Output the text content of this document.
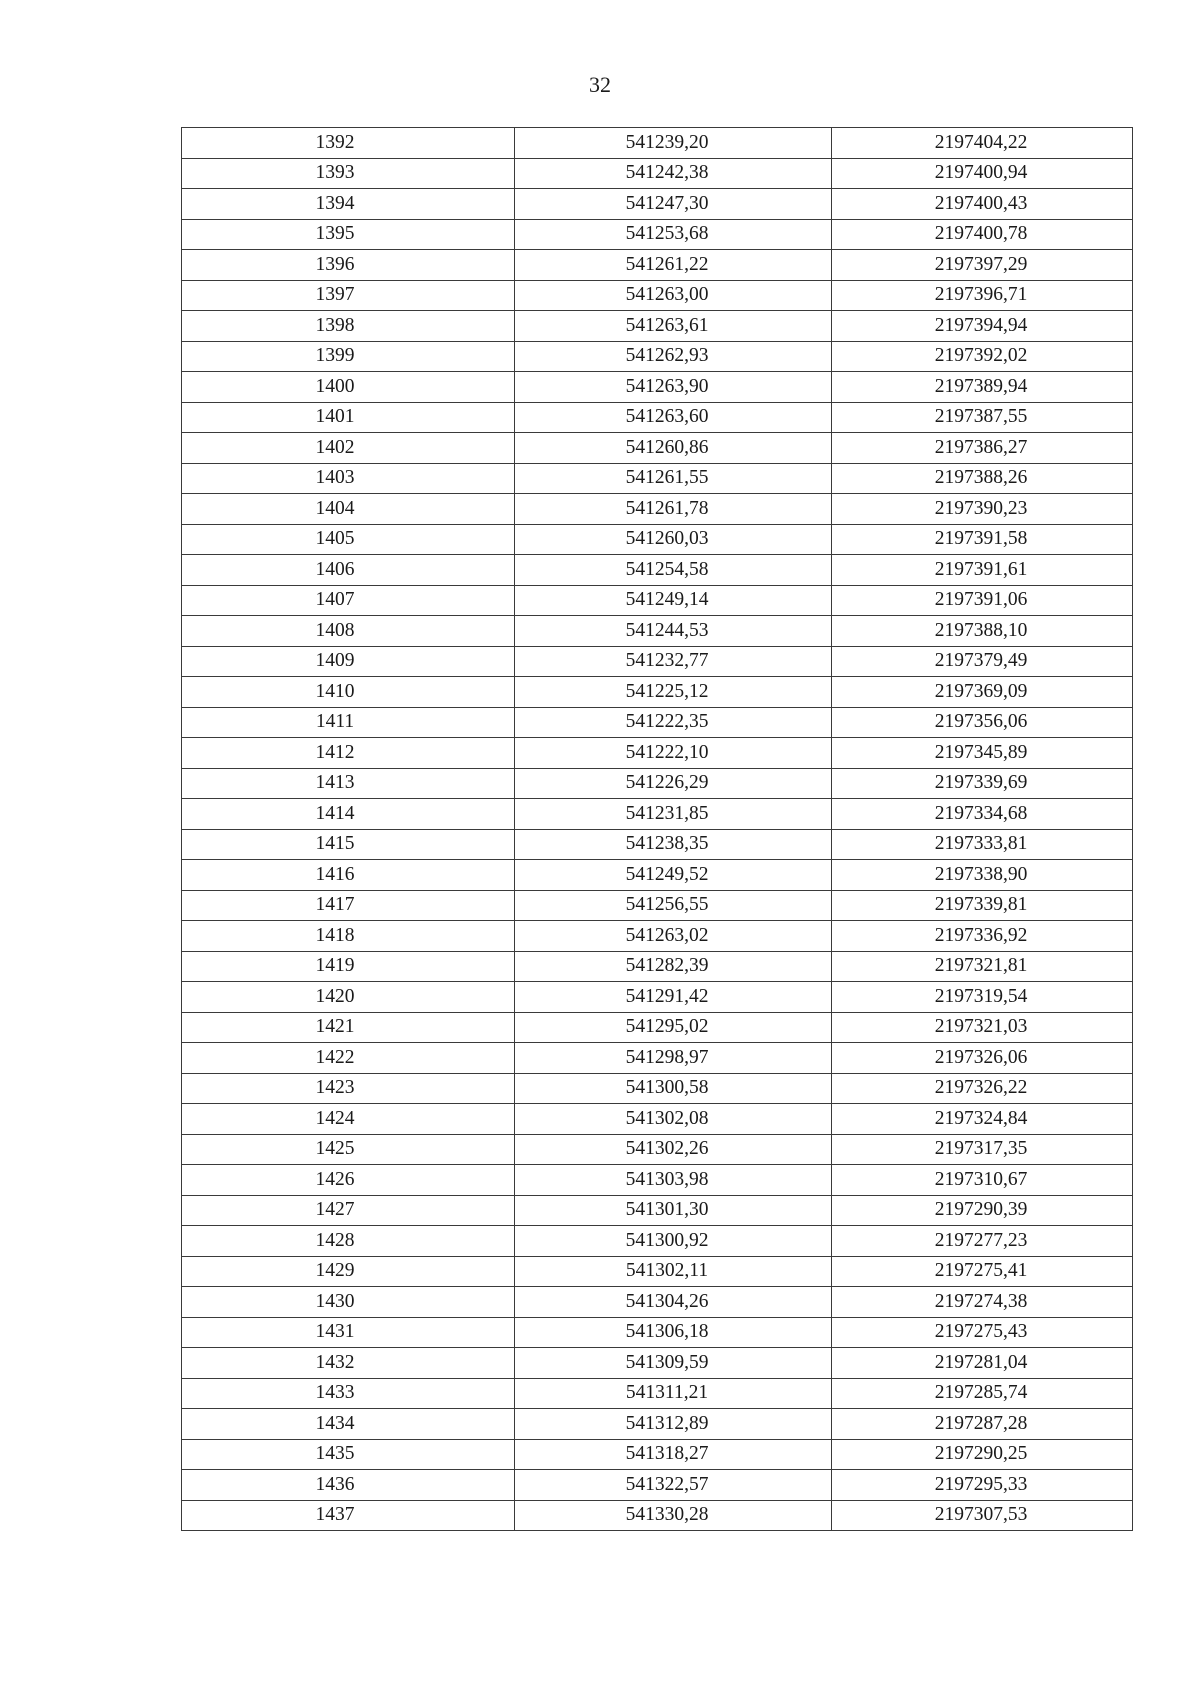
32
1392	541239,20	2197404,22
1393	541242,38	2197400,94
1394	541247,30	2197400,43
1395	541253,68	2197400,78
1396	541261,22	2197397,29
1397	541263,00	2197396,71
1398	541263,61	2197394,94
1399	541262,93	2197392,02
1400	541263,90	2197389,94
1401	541263,60	2197387,55
1402	541260,86	2197386,27
1403	541261,55	2197388,26
1404	541261,78	2197390,23
1405	541260,03	2197391,58
1406	541254,58	2197391,61
1407	541249,14	2197391,06
1408	541244,53	2197388,10
1409	541232,77	2197379,49
1410	541225,12	2197369,09
1411	541222,35	2197356,06
1412	541222,10	2197345,89
1413	541226,29	2197339,69
1414	541231,85	2197334,68
1415	541238,35	2197333,81
1416	541249,52	2197338,90
1417	541256,55	2197339,81
1418	541263,02	2197336,92
1419	541282,39	2197321,81
1420	541291,42	2197319,54
1421	541295,02	2197321,03
1422	541298,97	2197326,06
1423	541300,58	2197326,22
1424	541302,08	2197324,84
1425	541302,26	2197317,35
1426	541303,98	2197310,67
1427	541301,30	2197290,39
1428	541300,92	2197277,23
1429	541302,11	2197275,41
1430	541304,26	2197274,38
1431	541306,18	2197275,43
1432	541309,59	2197281,04
1433	541311,21	2197285,74
1434	541312,89	2197287,28
1435	541318,27	2197290,25
1436	541322,57	2197295,33
1437	541330,28	2197307,53
